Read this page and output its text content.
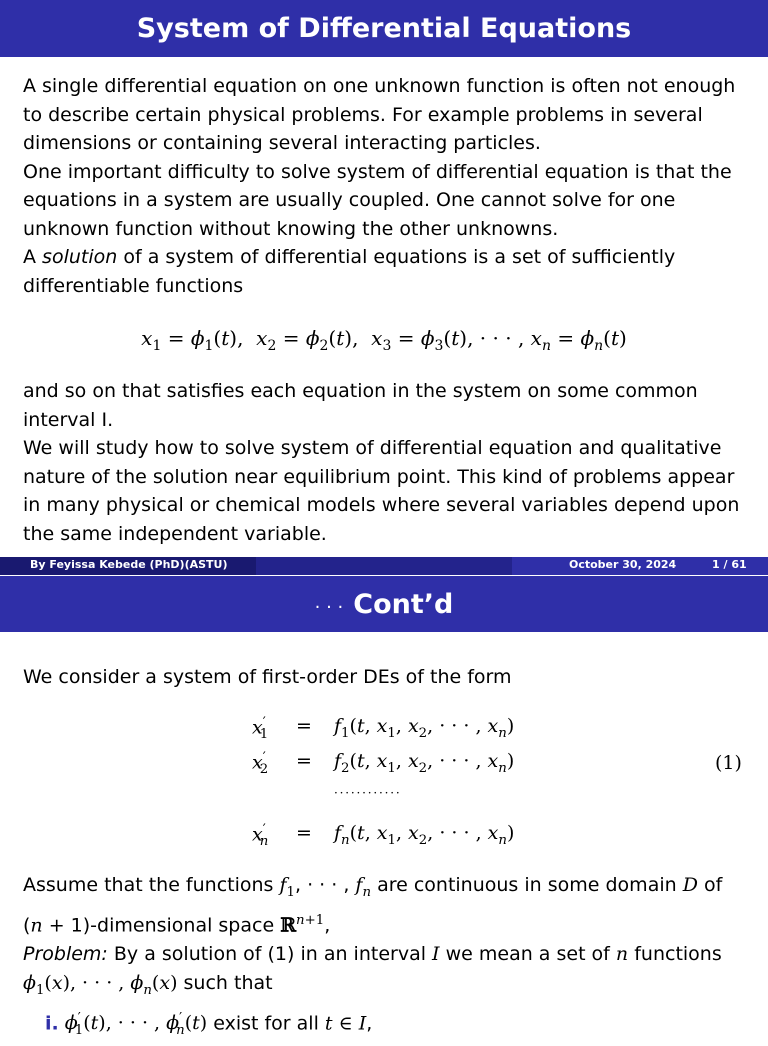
System of Differential Equations
A single differential equation on one unknown function is often not enough to describe certain physical problems. For example problems in several dimensions or containing several interacting particles.
One important difficulty to solve system of differential equation is that the equations in a system are usually coupled. One cannot solve for one unknown function without knowing the other unknowns.
A solution of a system of differential equations is a set of sufficiently differentiable functions
$x_1 = \phi_1(t)$,  $x_2 = \phi_2(t)$,  $x_3 = \phi_3(t)$, · · · , $x_n = \phi_n(t)$
and so on that satisfies each equation in the system on some common interval I.
We will study how to solve system of differential equation and qualitative nature of the solution near equilibrium point. This kind of problems appear in many physical or chemical models where several variables depend upon the same independent variable.
By Feyissa Kebede (PhD)(ASTU)	October 30, 2024	1 / 61
· · · Cont’d
We consider a system of first-order DEs of the form
$x'_1 = f_1(t$, $x_1$, $x_2$, · · · , $x_n$)
$x'_2 = f_2(t$, $x_1$, $x_2$, · · · , $x_n$)
· · · · · · · · · · · ·
$x'_n = f_n(t$, $x_1$, $x_2$, · · · , $x_n$)
(1)
Assume that the functions $f_1$, · · · , $f_n$ are continuous in some domain D of
(n + 1)-dimensional space ℝ$^{n+1}$,
Problem: By a solution of (1) in an interval I we mean a set of n functions
$\phi_1(x)$, · · · , $\phi_n(x)$ such that
i. $\phi'_1(t)$, · · · , $\phi'_n(t)$ exist for all t ∈ I,
